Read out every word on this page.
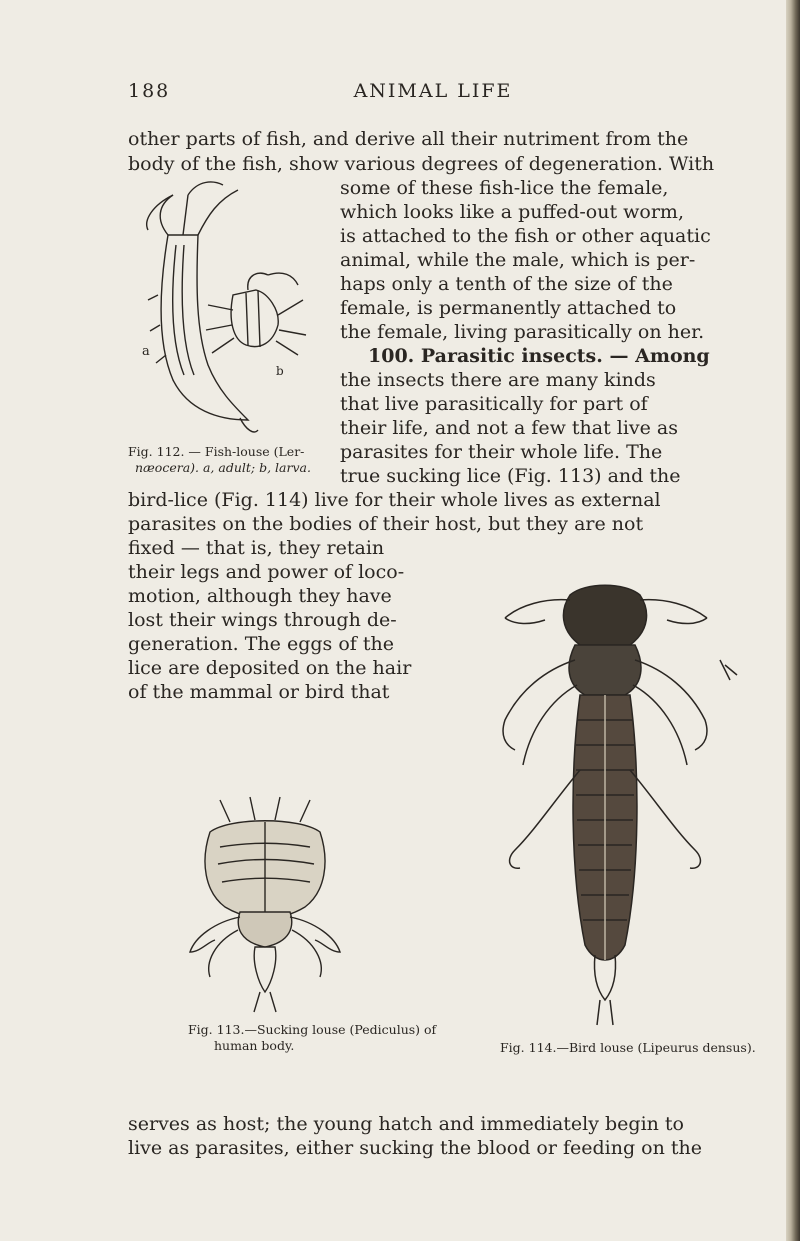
188	ANIMAL LIFE
other parts of fish, and derive all their nutriment from the
body of the fish, show various degrees of degeneration. With
some of these fish-lice the female,
which looks like a puffed-out worm,
is attached to the fish or other aquatic
animal, while the male, which is per-
haps only a tenth of the size of the
female, is permanently attached to
the female, living parasitically on her.
100. Parasitic insects. — Among
the insects there are many kinds
that live parasitically for part of
their life, and not a few that live as
parasites for their whole life. The
true sucking lice (Fig. 113) and the
bird-lice (Fig. 114) live for their whole lives as external
parasites on the bodies of their host, but they are not
fixed — that is, they retain
their legs and power of loco-
motion, although they have
lost their wings through de-
generation. The eggs of the
lice are deposited on the hair
of the mammal or bird that
serves as host; the young hatch and immediately begin to
live as parasites, either sucking the blood or feeding on the
a
b
Fig. 112. — Fish-louse (Ler-
næocera). a, adult; b, larva.
Fig. 113.—Sucking louse (Pediculus) of
human body.	Fig. 114.—Bird louse (Lipeurus densus).
